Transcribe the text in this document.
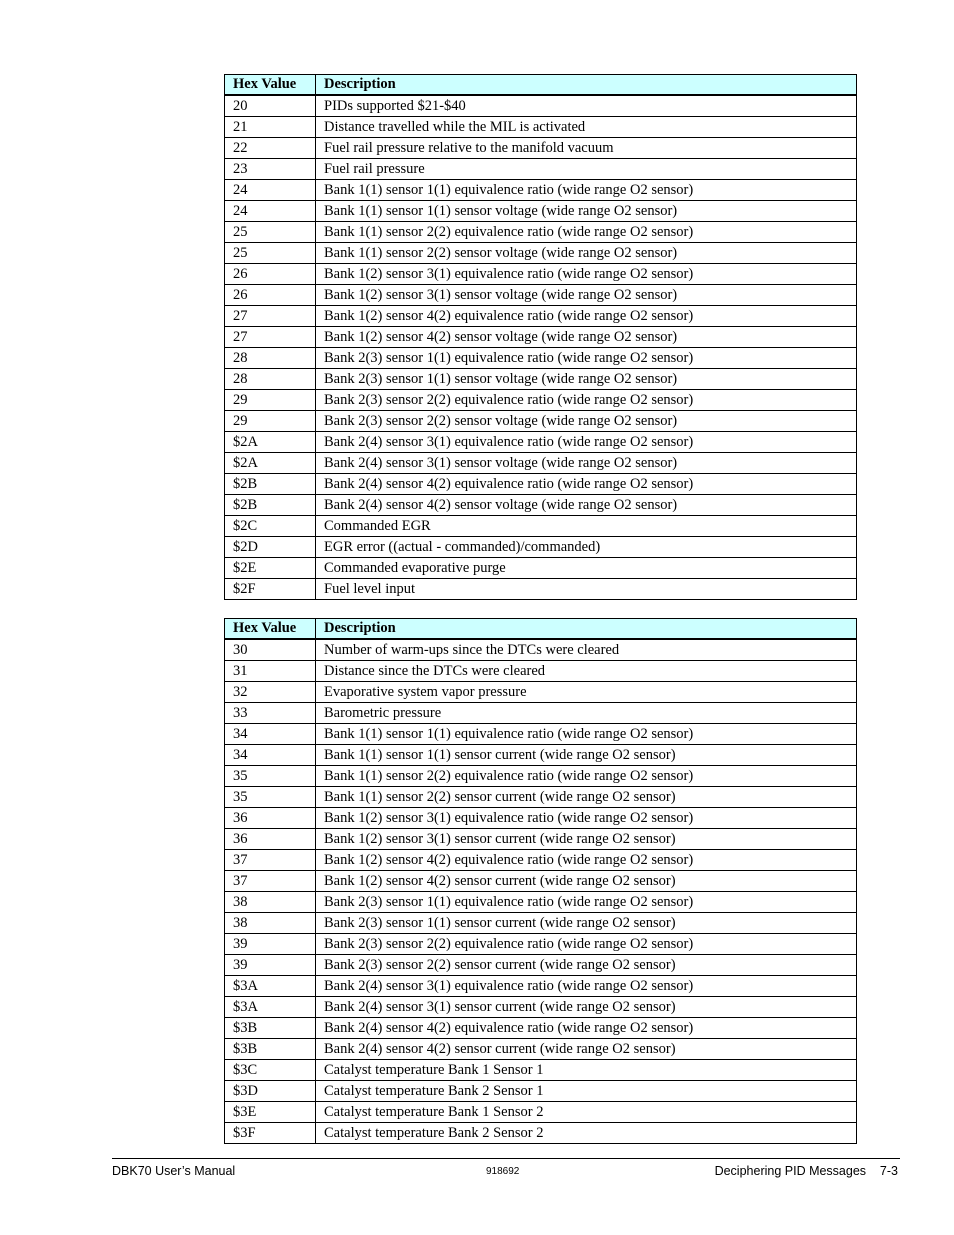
Hex Value	Description
20	PIDs supported $21-$40
21	Distance travelled while the MIL is activated
22	Fuel rail pressure relative to the manifold vacuum
23	Fuel rail pressure
24	Bank 1(1) sensor 1(1) equivalence ratio (wide range O2 sensor)
24	Bank 1(1) sensor 1(1) sensor voltage (wide range O2 sensor)
25	Bank 1(1) sensor 2(2) equivalence ratio (wide range O2 sensor)
25	Bank 1(1) sensor 2(2) sensor voltage (wide range O2 sensor)
26	Bank 1(2) sensor 3(1) equivalence ratio (wide range O2 sensor)
26	Bank 1(2) sensor 3(1) sensor voltage (wide range O2 sensor)
27	Bank 1(2) sensor 4(2) equivalence ratio (wide range O2 sensor)
27	Bank 1(2) sensor 4(2) sensor voltage (wide range O2 sensor)
28	Bank 2(3) sensor 1(1) equivalence ratio (wide range O2 sensor)
28	Bank 2(3) sensor 1(1) sensor voltage (wide range O2 sensor)
29	Bank 2(3) sensor 2(2) equivalence ratio (wide range O2 sensor)
29	Bank 2(3) sensor 2(2) sensor voltage (wide range O2 sensor)
$2A	Bank 2(4) sensor 3(1) equivalence ratio (wide range O2 sensor)
$2A	Bank 2(4) sensor 3(1) sensor voltage (wide range O2 sensor)
$2B	Bank 2(4) sensor 4(2) equivalence ratio (wide range O2 sensor)
$2B	Bank 2(4) sensor 4(2) sensor voltage (wide range O2 sensor)
$2C	Commanded EGR
$2D	EGR error ((actual - commanded)/commanded)
$2E	Commanded evaporative purge
$2F	Fuel level input
Hex Value	Description
30	Number of warm-ups since the DTCs were cleared
31	Distance since the DTCs were cleared
32	Evaporative system vapor pressure
33	Barometric pressure
34	Bank 1(1) sensor 1(1) equivalence ratio (wide range O2 sensor)
34	Bank 1(1) sensor 1(1) sensor current (wide range O2 sensor)
35	Bank 1(1) sensor 2(2) equivalence ratio (wide range O2 sensor)
35	Bank 1(1) sensor 2(2) sensor current (wide range O2 sensor)
36	Bank 1(2) sensor 3(1) equivalence ratio (wide range O2 sensor)
36	Bank 1(2) sensor 3(1) sensor current (wide range O2 sensor)
37	Bank 1(2) sensor 4(2) equivalence ratio (wide range O2 sensor)
37	Bank 1(2) sensor 4(2) sensor current (wide range O2 sensor)
38	Bank 2(3) sensor 1(1) equivalence ratio (wide range O2 sensor)
38	Bank 2(3) sensor 1(1) sensor current (wide range O2 sensor)
39	Bank 2(3) sensor 2(2) equivalence ratio (wide range O2 sensor)
39	Bank 2(3) sensor 2(2) sensor current (wide range O2 sensor)
$3A	Bank 2(4) sensor 3(1) equivalence ratio (wide range O2 sensor)
$3A	Bank 2(4) sensor 3(1) sensor current (wide range O2 sensor)
$3B	Bank 2(4) sensor 4(2) equivalence ratio (wide range O2 sensor)
$3B	Bank 2(4) sensor 4(2) sensor current (wide range O2 sensor)
$3C	Catalyst temperature Bank 1 Sensor 1
$3D	Catalyst temperature Bank 2 Sensor 1
$3E	Catalyst temperature Bank 1 Sensor 2
$3F	Catalyst temperature Bank 2 Sensor 2
DBK70 User’s Manual	918692	Deciphering PID Messages    7-3
